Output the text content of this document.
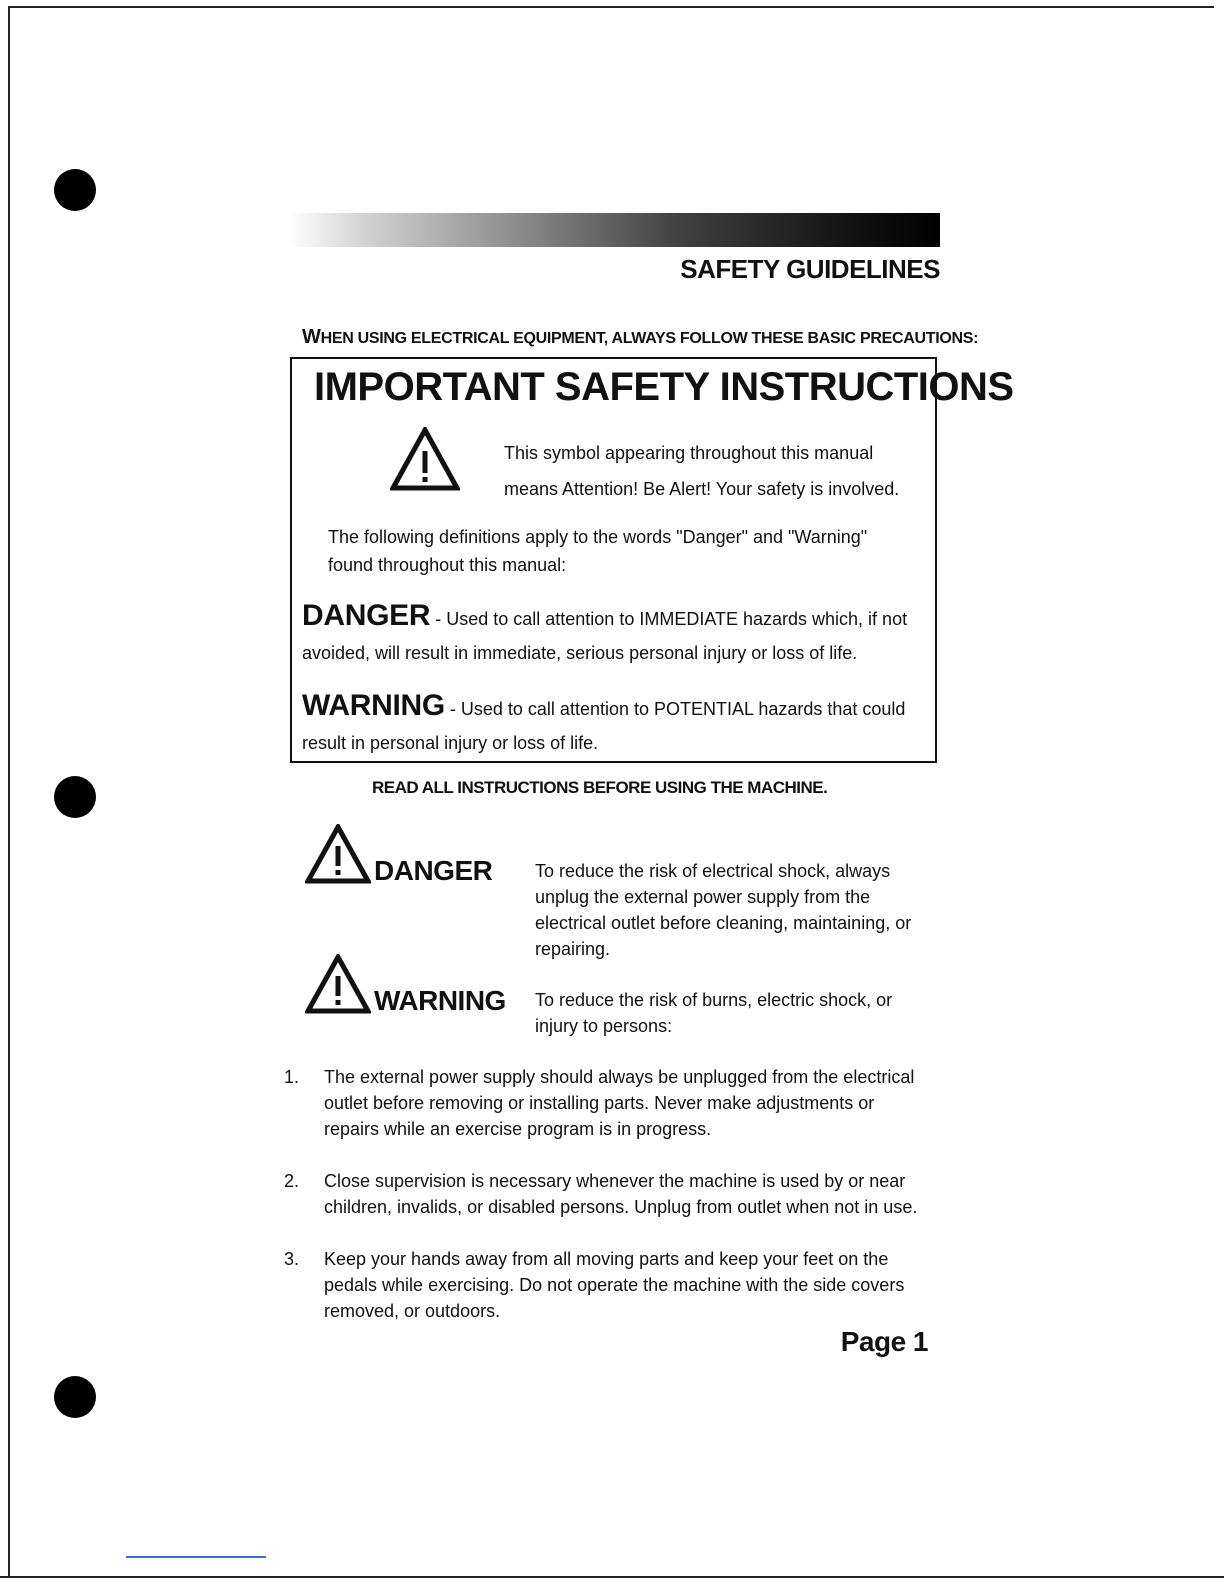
SAFETY GUIDELINES
WHEN USING ELECTRICAL EQUIPMENT, ALWAYS FOLLOW THESE BASIC PRECAUTIONS:
IMPORTANT SAFETY INSTRUCTIONS
This symbol appearing throughout this manual
means Attention! Be Alert! Your safety is involved.
The following definitions apply to the words "Danger" and "Warning" found throughout this manual:
DANGER - Used to call attention to IMMEDIATE hazards which, if not avoided, will result in immediate, serious personal injury or loss of life.
WARNING - Used to call attention to POTENTIAL hazards that could result in personal injury or loss of life.
READ ALL INSTRUCTIONS BEFORE USING THE MACHINE.
DANGER To reduce the risk of electrical shock, always unplug the external power supply from the electrical outlet before cleaning, maintaining, or repairing.
WARNING To reduce the risk of burns, electric shock, or injury to persons:
1.	The external power supply should always be unplugged from the electrical outlet before removing or installing parts. Never make adjustments or repairs while an exercise program is in progress.
2.	Close supervision is necessary whenever the machine is used by or near children, invalids, or disabled persons. Unplug from outlet when not in use.
3.	Keep your hands away from all moving parts and keep your feet on the pedals while exercising. Do not operate the machine with the side covers removed, or outdoors.
Page 1
